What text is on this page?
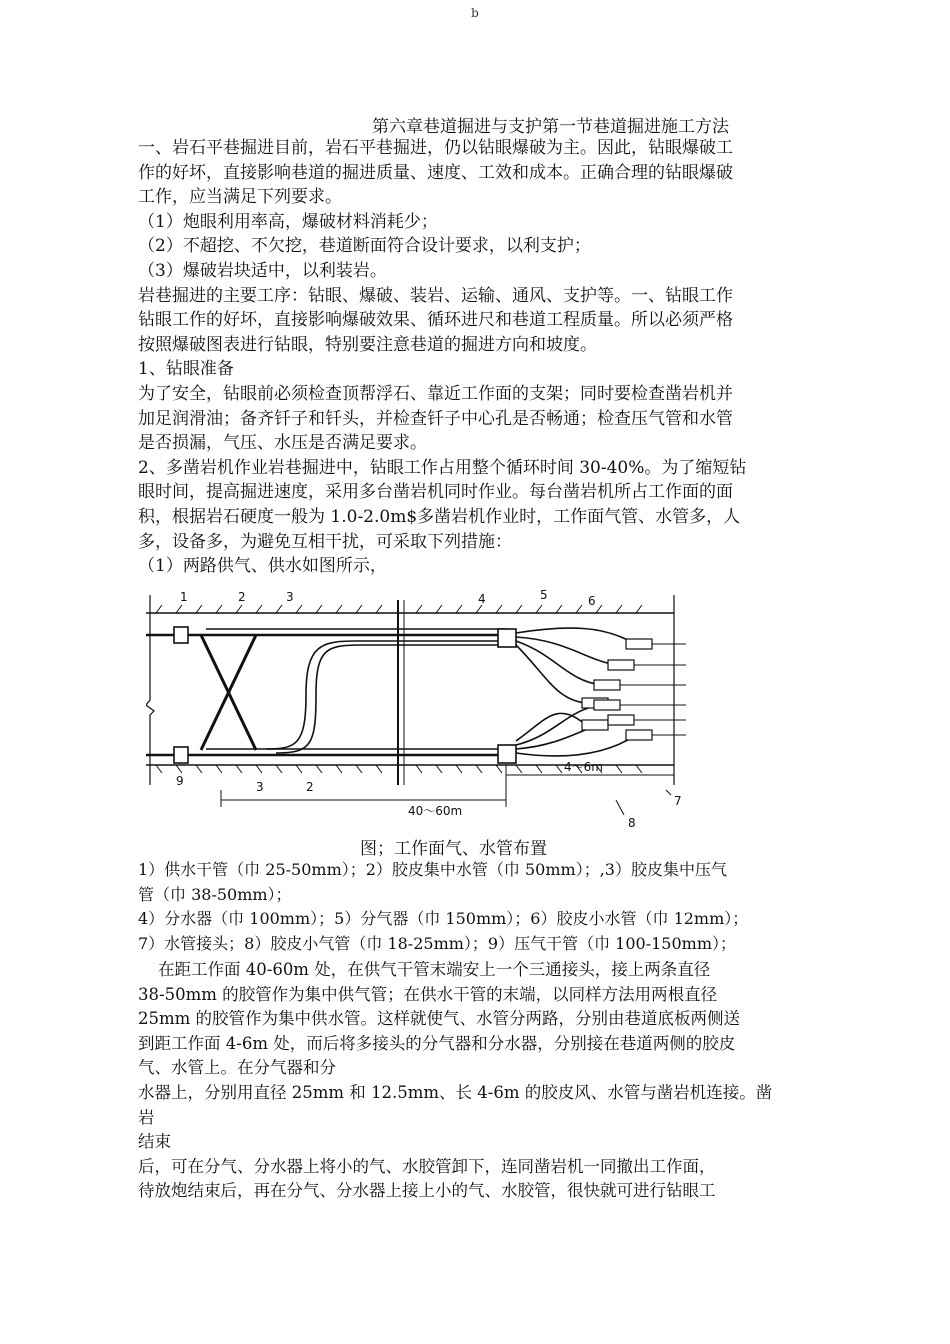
b
第六章巷道掘进与支护第一节巷道掘进施工方法

一、岩石平巷掘进目前，岩石平巷掘进，仍以钻眼爆破为主。因此，钻眼爆破工

作的好坏，直接影响巷道的掘进质量、速度、工效和成本。正确合理的钻眼爆破

工作，应当满足下列要求。

（1）炮眼利用率高，爆破材料消耗少；

（2）不超挖、不欠挖，巷道断面符合设计要求，以利支护；

（3）爆破岩块适中，以利装岩。

岩巷掘进的主要工序：钻眼、爆破、装岩、运输、通风、支护等。一、钻眼工作

钻眼工作的好坏，直接影响爆破效果、循环进尺和巷道工程质量。所以必须严格

按照爆破图表进行钻眼，特别要注意巷道的掘进方向和坡度。

1、钻眼准备

为了安全，钻眼前必须检查顶帮浮石、靠近工作面的支架；同时要检查凿岩机并

加足润滑油；备齐钎子和钎头，并检查钎子中心孔是否畅通；检查压气管和水管

是否损漏，气压、水压是否满足要求。

2、多凿岩机作业岩巷掘进中，钻眼工作占用整个循环时间 30-40%。为了缩短钻

眼时间，提高掘进速度，采用多台凿岩机同时作业。每台凿岩机所占工作面的面

积，根据岩石硬度一般为 1.0-2.0m$多凿岩机作业时，工作面气管、水管多，人

多，设备多，为避免互相干扰，可采取下列措施：

（1）两路供气、供水如图所示，

1	2	3	4	5	6
9	3	2
7
8
40～60m
4～6m
图；工作面气、水管布置

1）供水干管（巾 25-50mm）；2）胶皮集中水管（巾 50mm）；,3）胶皮集中压气

管（巾 38-50mm）；

4）分水器（巾 100mm）；5）分气器（巾 150mm）；6）胶皮小水管（巾 12mm）；

7）水管接头；8）胶皮小气管（巾 18-25mm）；9）压气干管（巾 100-150mm）；

在距工作面 40-60m 处，在供气干管末端安上一个三通接头，接上两条直径

38-50mm 的胶管作为集中供气管；在供水干管的末端，以同样方法用两根直径

25mm 的胶管作为集中供水管。这样就使气、水管分两路，分别由巷道底板两侧送

到距工作面 4-6m 处，而后将多接头的分气器和分水器，分别接在巷道两侧的胶皮

气、水管上。在分气器和分

水器上，分别用直径 25mm 和 12.5mm、长 4-6m 的胶皮风、水管与凿岩机连接。凿

岩

结束

后，可在分气、分水器上将小的气、水胶管卸下，连同凿岩机一同撤出工作面，

待放炮结束后，再在分气、分水器上接上小的气、水胶管，很快就可进行钻眼工
